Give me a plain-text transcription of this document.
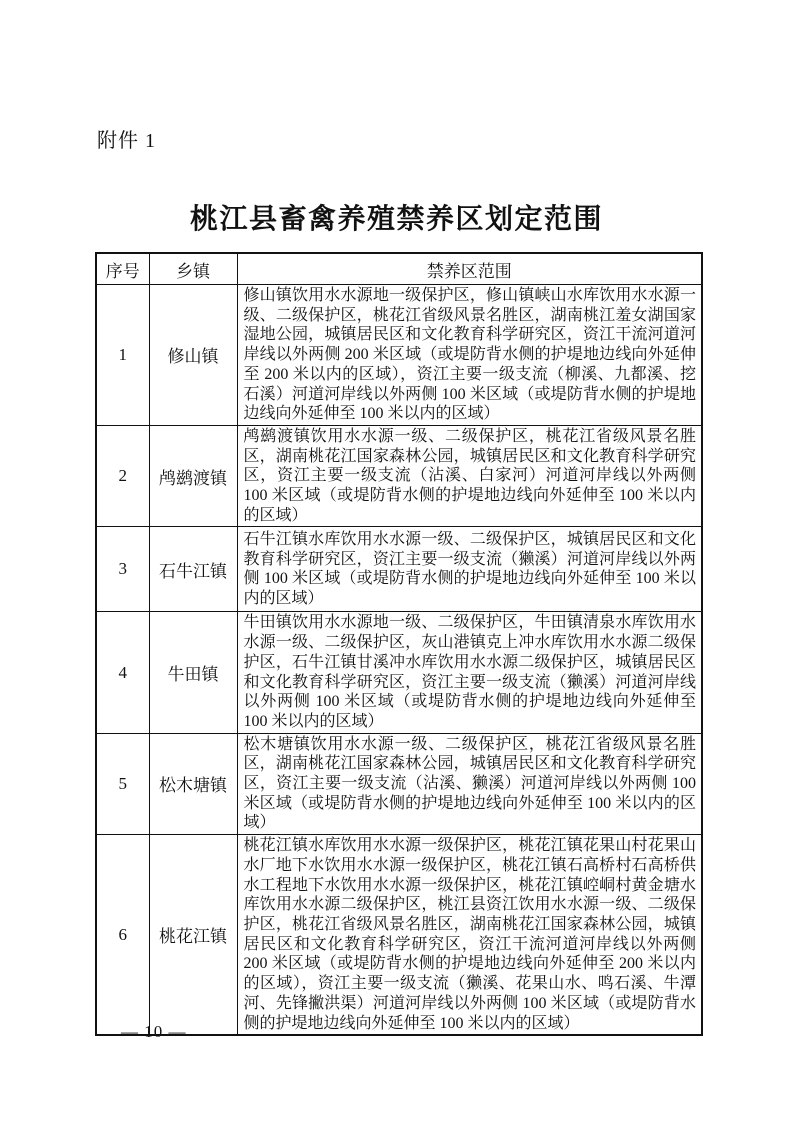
附件 1
桃江县畜禽养殖禁养区划定范围
序号	乡镇	禁养区范围
1	修山镇	修山镇饮用水水源地一级保护区，修山镇峡山水库饮用水水源一级、二级保护区，桃花江省级风景名胜区，湖南桃江羞女湖国家湿地公园，城镇居民区和文化教育科学研究区，资江干流河道河岸线以外两侧 200 米区域（或堤防背水侧的护堤地边线向外延伸至 200 米以内的区域），资江主要一级支流（柳溪、九都溪、挖石溪）河道河岸线以外两侧 100 米区域（或堤防背水侧的护堤地边线向外延伸至 100 米以内的区域）
2	鸬鹚渡镇	鸬鹚渡镇饮用水水源一级、二级保护区，桃花江省级风景名胜区，湖南桃花江国家森林公园，城镇居民区和文化教育科学研究区，资江主要一级支流（沾溪、白家河）河道河岸线以外两侧 100 米区域（或堤防背水侧的护堤地边线向外延伸至 100 米以内的区域）
3	石牛江镇	石牛江镇水库饮用水水源一级、二级保护区，城镇居民区和文化教育科学研究区，资江主要一级支流（獭溪）河道河岸线以外两侧 100 米区域（或堤防背水侧的护堤地边线向外延伸至 100 米以内的区域）
4	牛田镇	牛田镇饮用水水源地一级、二级保护区，牛田镇清泉水库饮用水水源一级、二级保护区，灰山港镇克上冲水库饮用水水源二级保护区，石牛江镇甘溪冲水库饮用水水源二级保护区，城镇居民区和文化教育科学研究区，资江主要一级支流（獭溪）河道河岸线以外两侧 100 米区域（或堤防背水侧的护堤地边线向外延伸至 100 米以内的区域）
5	松木塘镇	松木塘镇饮用水水源一级、二级保护区，桃花江省级风景名胜区，湖南桃花江国家森林公园，城镇居民区和文化教育科学研究区，资江主要一级支流（沾溪、獭溪）河道河岸线以外两侧 100 米区域（或堤防背水侧的护堤地边线向外延伸至 100 米以内的区域）
6	桃花江镇	桃花江镇水库饮用水水源一级保护区，桃花江镇花果山村花果山水厂地下水饮用水水源一级保护区，桃花江镇石高桥村石高桥供水工程地下水饮用水水源一级保护区，桃花江镇崆峒村黄金塘水库饮用水水源二级保护区，桃江县资江饮用水水源一级、二级保护区，桃花江省级风景名胜区，湖南桃花江国家森林公园，城镇居民区和文化教育科学研究区，资江干流河道河岸线以外两侧 200 米区域（或堤防背水侧的护堤地边线向外延伸至 200 米以内的区域），资江主要一级支流（獭溪、花果山水、鸣石溪、牛潭河、先锋撇洪渠）河道河岸线以外两侧 100 米区域（或堤防背水侧的护堤地边线向外延伸至 100 米以内的区域）
— 10 —
